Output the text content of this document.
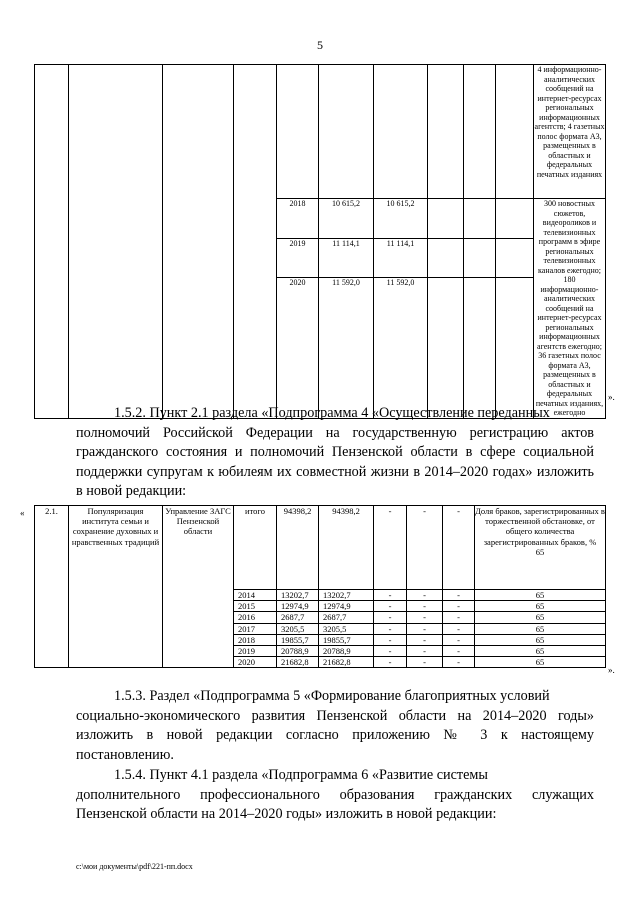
5
										4 информационно-аналитических сообщений на интернет-ресурсах региональных информационных агентств; 4 газетных полос формата А3, размещенных в областных и федеральных печатных изданиях
				2018	10 615,2	10 615,2				300 новостных сюжетов, видеороликов и телевизионных программ в эфире региональных телевизионных каналов ежегодно; 180 информационно-аналитических сообщений на интернет-ресурсах региональных информационных агентств ежегодно; 36 газетных полос формата А3, размещенных в областных и федеральных печатных изданиях, ежегодно
				2019	11 114,1	11 114,1				
				2020	11 592,0	11 592,0				
».
1.5.2. Пункт 2.1 раздела «Подпрограмма 4 «Осуществление переданных
полномочий Российской Федерации на государственную регистрацию актов гражданского состояния и полномочий Пензенской области в сфере социальной поддержки супругам к юбилеям их совместной жизни в 2014–2020 годах» изложить в новой редакции:
« 2.1.	Популяризация института семьи и сохранение духовных и нравственных традиций	Управление ЗАГС Пензенской области	итого	94398,2	94398,2	-	-	-	Доля браков, зарегистрированных в торжественной обстановке, от общего количества зарегистрированных браков, %
65
			2014	13202,7	13202,7	-	-	-	65
			2015	12974,9	12974,9	-	-	-	65
			2016	2687,7	2687,7	-	-	-	65
			2017	3205,5	3205,5	-	-	-	65
			2018	19855,7	19855,7	-	-	-	65
			2019	20788,9	20788,9	-	-	-	65
			2020	21682,8	21682,8	-	-	-	65
».
1.5.3. Раздел «Подпрограмма 5 «Формирование благоприятных условий
социально-экономического развития Пензенской области на 2014–2020 годы» изложить в новой редакции согласно приложению № 3 к настоящему постановлению.
1.5.4. Пункт 4.1 раздела «Подпрограмма 6 «Развитие системы
дополнительного профессионального образования гражданских служащих Пензенской области на 2014–2020 годы» изложить в новой редакции:
c:\мои документы\pdf\221-пп.docx
